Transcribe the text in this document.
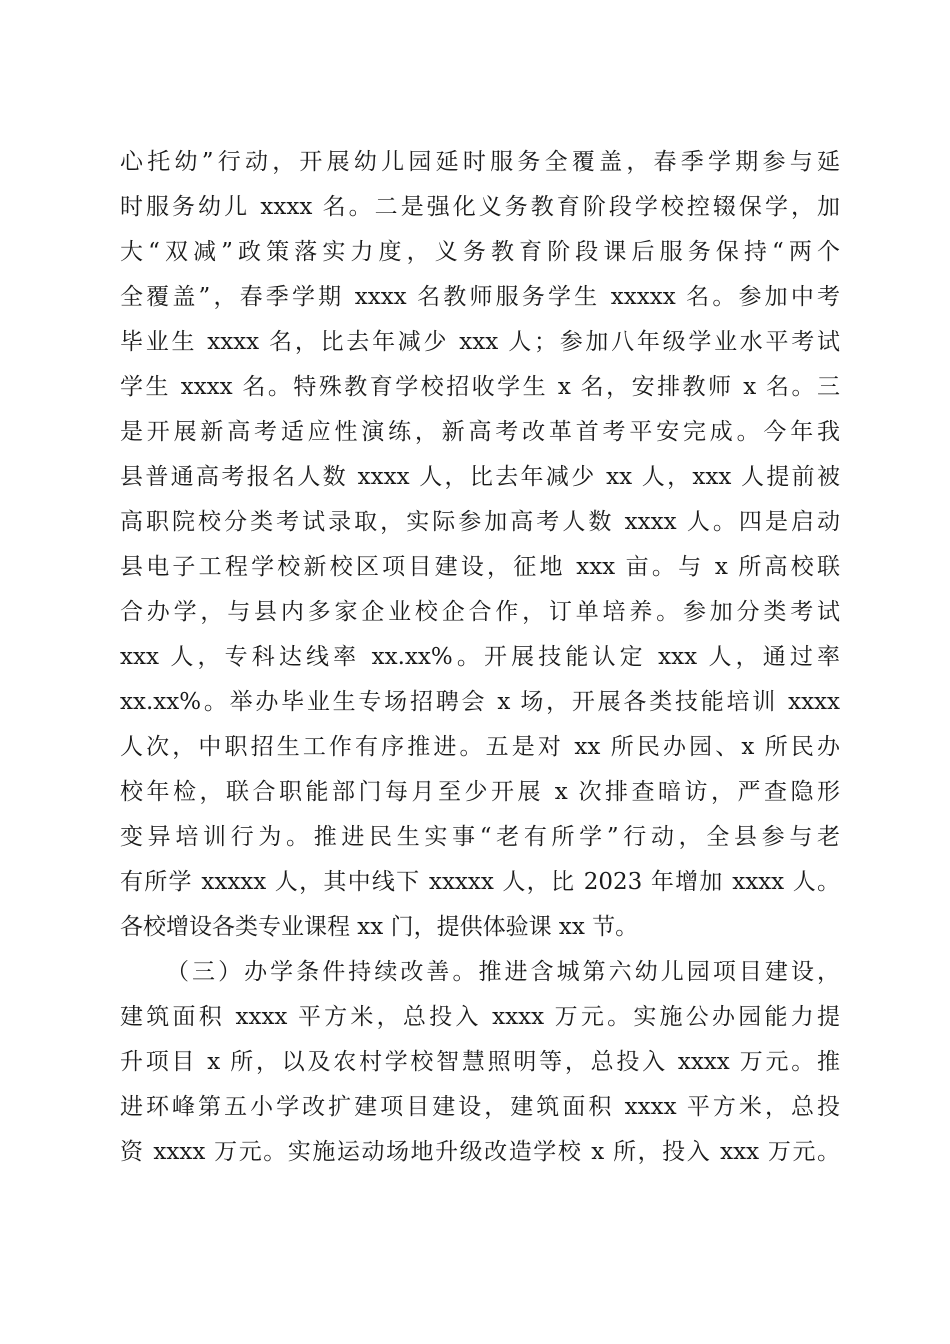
心托幼”行动，开展幼儿园延时服务全覆盖，春季学期参与延
时服务幼儿 xxxx 名。二是强化义务教育阶段学校控辍保学，加
大“双减”政策落实力度，义务教育阶段课后服务保持“两个
全覆盖”，春季学期 xxxx 名教师服务学生 xxxxx 名。参加中考
毕业生 xxxx 名，比去年减少 xxx 人；参加八年级学业水平考试
学生 xxxx 名。特殊教育学校招收学生 x 名，安排教师 x 名。三
是开展新高考适应性演练，新高考改革首考平安完成。今年我
县普通高考报名人数 xxxx 人，比去年减少 xx 人，xxx 人提前被
高职院校分类考试录取，实际参加高考人数 xxxx 人。四是启动
县电子工程学校新校区项目建设，征地 xxx 亩。与 x 所高校联
合办学，与县内多家企业校企合作，订单培养。参加分类考试
xxx 人，专科达线率 xx.xx%。开展技能认定 xxx 人，通过率
xx.xx%。举办毕业生专场招聘会 x 场，开展各类技能培训 xxxx
人次，中职招生工作有序推进。五是对 xx 所民办园、x 所民办
校年检，联合职能部门每月至少开展 x 次排查暗访，严查隐形
变异培训行为。推进民生实事“老有所学”行动，全县参与老
有所学 xxxxx 人，其中线下 xxxxx 人，比 2023 年增加 xxxx 人。
各校增设各类专业课程 xx 门，提供体验课 xx 节。
（三）办学条件持续改善。推进含城第六幼儿园项目建设，
建筑面积 xxxx 平方米，总投入 xxxx 万元。实施公办园能力提
升项目 x 所，以及农村学校智慧照明等，总投入 xxxx 万元。推
进环峰第五小学改扩建项目建设，建筑面积 xxxx 平方米，总投
资 xxxx 万元。实施运动场地升级改造学校 x 所，投入 xxx 万元。
